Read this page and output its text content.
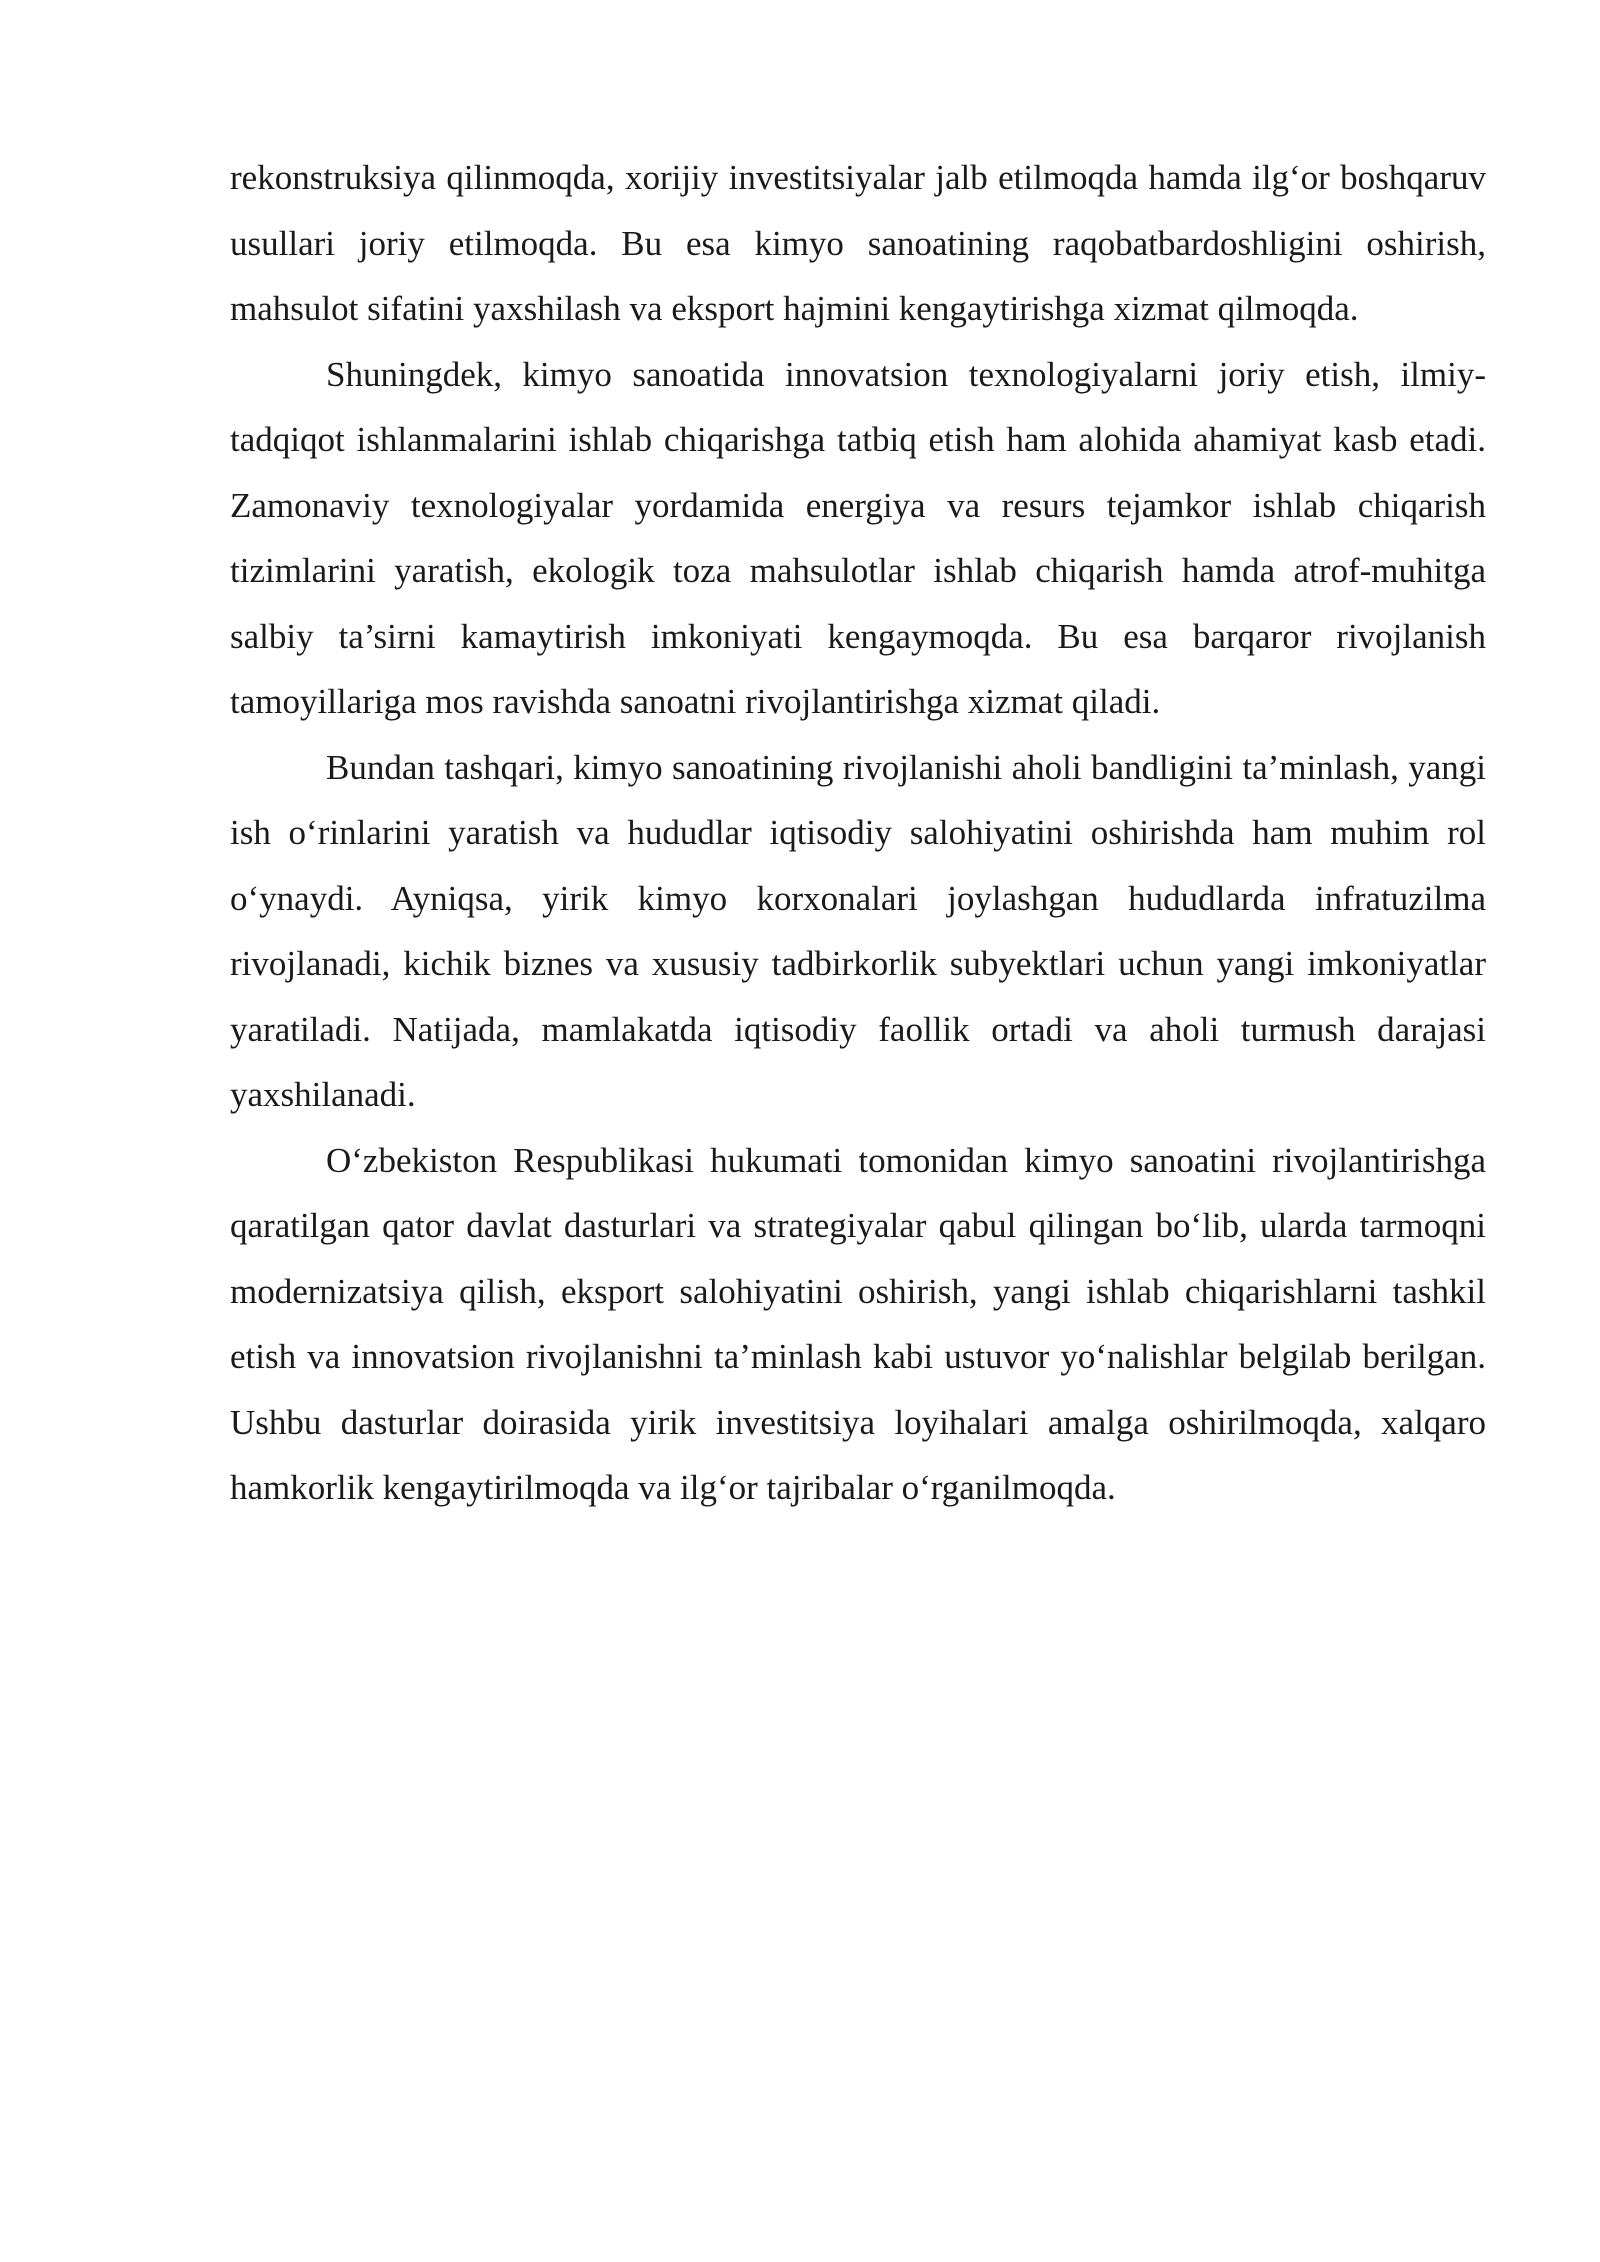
rekonstruksiya qilinmoqda, xorijiy investitsiyalar jalb etilmoqda hamda ilg‘or boshqaruv usullari joriy etilmoqda. Bu esa kimyo sanoatining raqobatbardoshligini oshirish, mahsulot sifatini yaxshilash va eksport hajmini kengaytirishga xizmat qilmoqda.

Shuningdek, kimyo sanoatida innovatsion texnologiyalarni joriy etish, ilmiy-tadqiqot ishlanmalarini ishlab chiqarishga tatbiq etish ham alohida ahamiyat kasb etadi. Zamonaviy texnologiyalar yordamida energiya va resurs tejamkor ishlab chiqarish tizimlarini yaratish, ekologik toza mahsulotlar ishlab chiqarish hamda atrof-muhitga salbiy ta’sirni kamaytirish imkoniyati kengaymoqda. Bu esa barqaror rivojlanish tamoyillariga mos ravishda sanoatni rivojlantirishga xizmat qiladi.

Bundan tashqari, kimyo sanoatining rivojlanishi aholi bandligini ta’minlash, yangi ish o‘rinlarini yaratish va hududlar iqtisodiy salohiyatini oshirishda ham muhim rol o‘ynaydi. Ayniqsa, yirik kimyo korxonalari joylashgan hududlarda infratuzilma rivojlanadi, kichik biznes va xususiy tadbirkorlik subyektlari uchun yangi imkoniyatlar yaratiladi. Natijada, mamlakatda iqtisodiy faollik ortadi va aholi turmush darajasi yaxshilanadi.

O‘zbekiston Respublikasi hukumati tomonidan kimyo sanoatini rivojlantirishga qaratilgan qator davlat dasturlari va strategiyalar qabul qilingan bo‘lib, ularda tarmoqni modernizatsiya qilish, eksport salohiyatini oshirish, yangi ishlab chiqarishlarni tashkil etish va innovatsion rivojlanishni ta’minlash kabi ustuvor yo‘nalishlar belgilab berilgan. Ushbu dasturlar doirasida yirik investitsiya loyihalari amalga oshirilmoqda, xalqaro hamkorlik kengaytirilmoqda va ilg‘or tajribalar o‘rganilmoqda.
